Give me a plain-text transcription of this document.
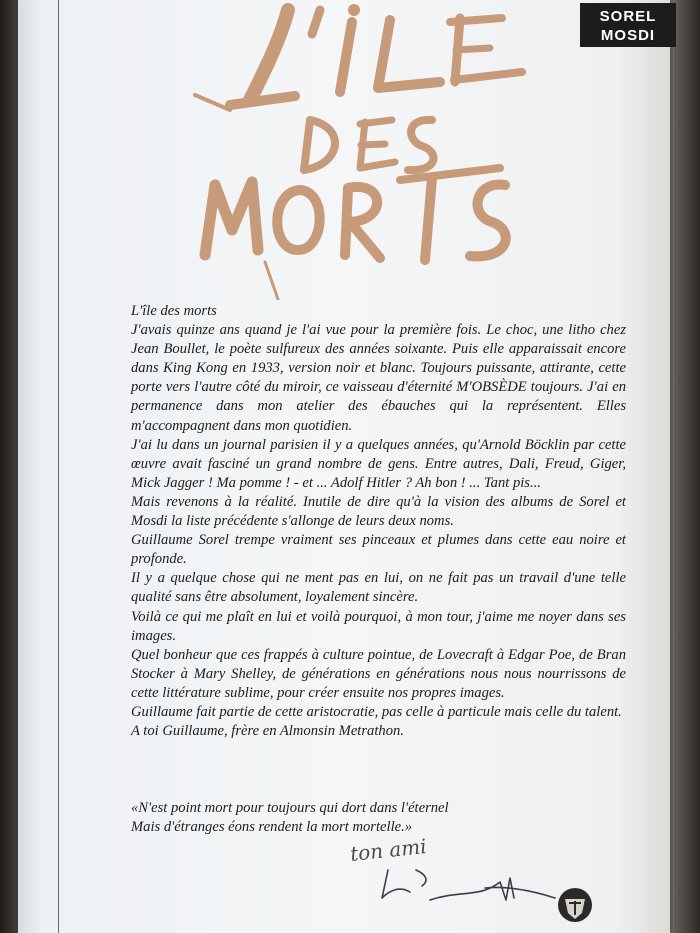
SOREL
MOSDI

L'île des morts

J'avais quinze ans quand je l'ai vue pour la première fois. Le choc, une litho chez Jean Boullet, le poète sulfureux des années soixante. Puis elle apparaissait encore dans King Kong en 1933, version noir et blanc. Toujours puissante, attirante, cette porte vers l'autre côté du miroir, ce vaisseau d'éternité M'OBSÈDE toujours. J'ai en permanence dans mon atelier des ébauches qui la représentent. Elles m'accompagnent dans mon quotidien.

J'ai lu dans un journal parisien il y a quelques années, qu'Arnold Böcklin par cette œuvre avait fasciné un grand nombre de gens. Entre autres, Dali, Freud, Giger, Mick Jagger ! Ma pomme ! - et ... Adolf Hitler ? Ah bon ! ... Tant pis...

Mais revenons à la réalité. Inutile de dire qu'à la vision des albums de Sorel et Mosdi la liste précédente s'allonge de leurs deux noms.

Guillaume Sorel trempe vraiment ses pinceaux et plumes dans cette eau noire et profonde.

Il y a quelque chose qui ne ment pas en lui, on ne fait pas un travail d'une telle qualité sans être absolument, loyalement sincère.

Voilà ce qui me plaît en lui et voilà pourquoi, à mon tour, j'aime me noyer dans ses images.

Quel bonheur que ces frappés à culture pointue, de Lovecraft à Edgar Poe, de Bran Stocker à Mary Shelley, de générations en générations nous nous nourrissons de cette littérature sublime, pour créer ensuite nos propres images.

Guillaume fait partie de cette aristocratie, pas celle à particule mais celle du talent.

A toi Guillaume, frère en Almonsin Metrathon.

«N'est point mort pour toujours qui dort dans l'éternel

Mais d'étranges éons rendent la mort mortelle.»

ton ami
